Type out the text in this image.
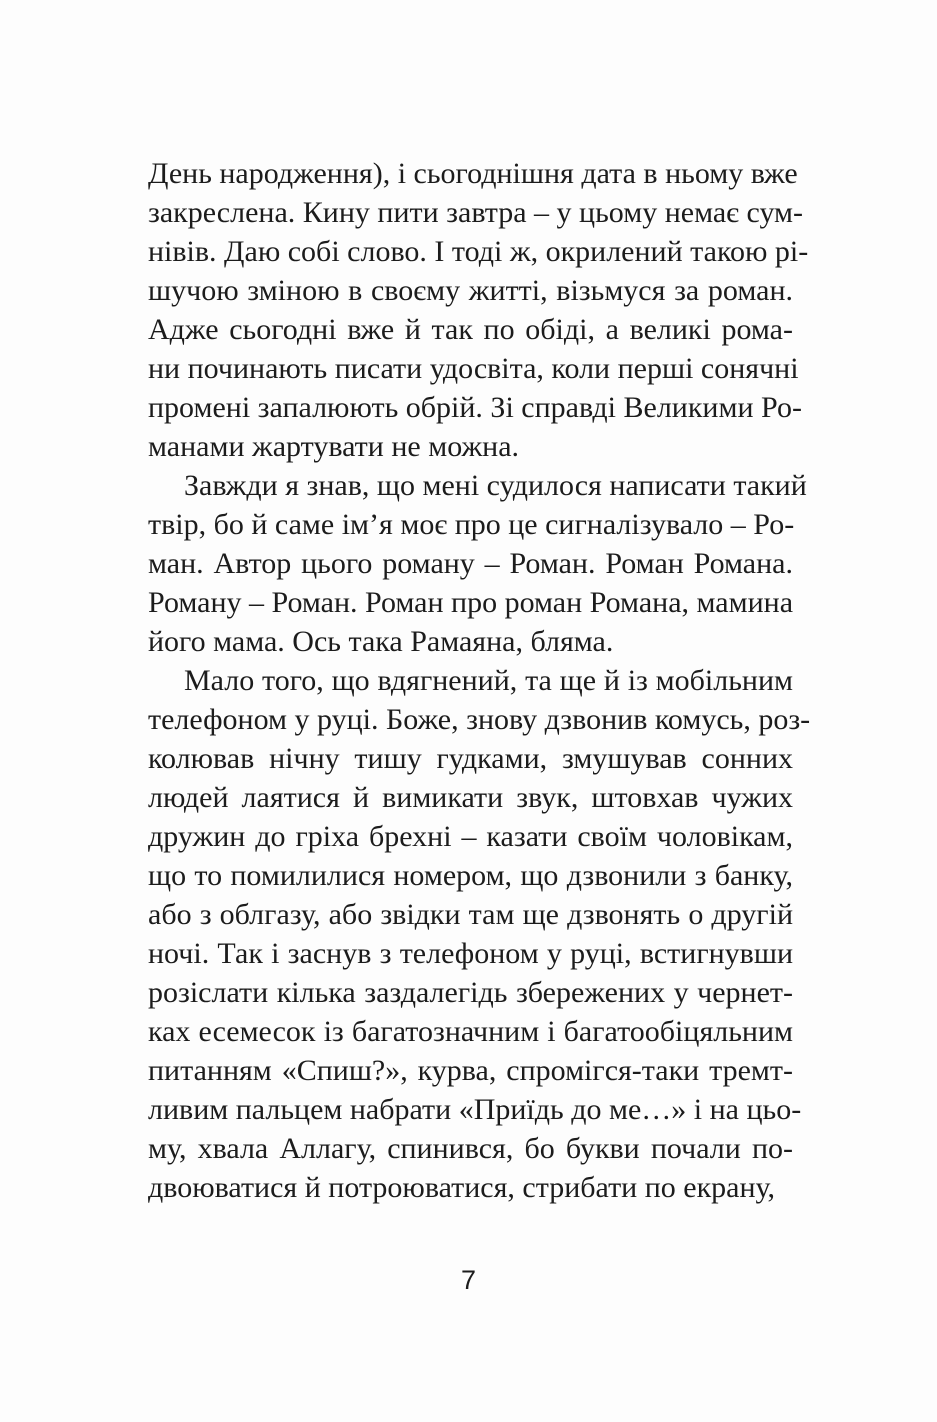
День народження), і сьогоднішня дата в ньому вже
закреслена. Кину пити завтра – у цьому немає сум-
нівів. Даю собі слово. І тоді ж, окрилений такою рі-
шучою зміною в своєму житті, візьмуся за роман.
Адже сьогодні вже й так по обіді, а великі рома-
ни починають писати удосвіта, коли перші сонячні
промені запалюють обрій. Зі справді Великими Ро-
манами жартувати не можна.
Завжди я знав, що мені судилося написати такий
твір, бо й саме ім’я моє про це сигналізувало – Ро-
ман. Автор цього роману – Роман. Роман Романа.
Роману – Роман. Роман про роман Романа, мамина
його мама. Ось така Рамаяна, бляма.
Мало того, що вдягнений, та ще й із мобільним
телефоном у руці. Боже, знову дзвонив комусь, роз-
колював нічну тишу гудками, змушував сонних
людей лаятися й вимикати звук, штовхав чужих
дружин до гріха брехні – казати своїм чоловікам,
що то помилилися номером, що дзвонили з банку,
або з облгазу, або звідки там ще дзвонять о другій
ночі. Так і заснув з телефоном у руці, встигнувши
розіслати кілька заздалегідь збережених у чернет-
ках есемесок із багатозначним і багатообіцяльним
питанням «Спиш?», курва, спромігся-таки тремт-
ливим пальцем набрати «Приїдь до ме…» і на цьо-
му, хвала Аллагу, спинився, бо букви почали по-
двоюватися й потроюватися, стрибати по екрану,
7
